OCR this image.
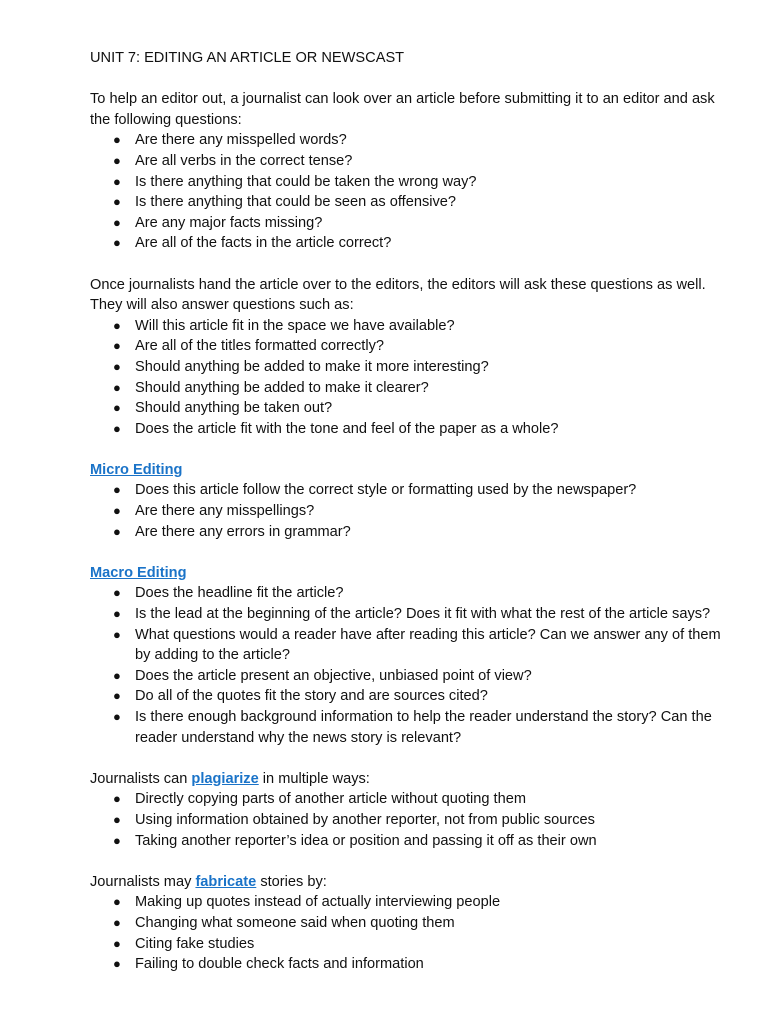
UNIT 7: EDITING AN ARTICLE OR NEWSCAST

To help an editor out, a journalist can look over an article before submitting it to an editor and ask the following questions:

● Are there any misspelled words?
● Are all verbs in the correct tense?
● Is there anything that could be taken the wrong way?
● Is there anything that could be seen as offensive?
● Are any major facts missing?
● Are all of the facts in the article correct?

Once journalists hand the article over to the editors, the editors will ask these questions as well. They will also answer questions such as:

● Will this article fit in the space we have available?
● Are all of the titles formatted correctly?
● Should anything be added to make it more interesting?
● Should anything be added to make it clearer?
● Should anything be taken out?
● Does the article fit with the tone and feel of the paper as a whole?

Micro Editing

● Does this article follow the correct style or formatting used by the newspaper?
● Are there any misspellings?
● Are there any errors in grammar?

Macro Editing

● Does the headline fit the article?
● Is the lead at the beginning of the article? Does it fit with what the rest of the article says?
● What questions would a reader have after reading this article? Can we answer any of them by adding to the article?
● Does the article present an objective, unbiased point of view?
● Do all of the quotes fit the story and are sources cited?
● Is there enough background information to help the reader understand the story? Can the reader understand why the news story is relevant?

Journalists can plagiarize in multiple ways:

● Directly copying parts of another article without quoting them
● Using information obtained by another reporter, not from public sources
● Taking another reporter’s idea or position and passing it off as their own

Journalists may fabricate stories by:

● Making up quotes instead of actually interviewing people
● Changing what someone said when quoting them
● Citing fake studies
● Failing to double check facts and information
